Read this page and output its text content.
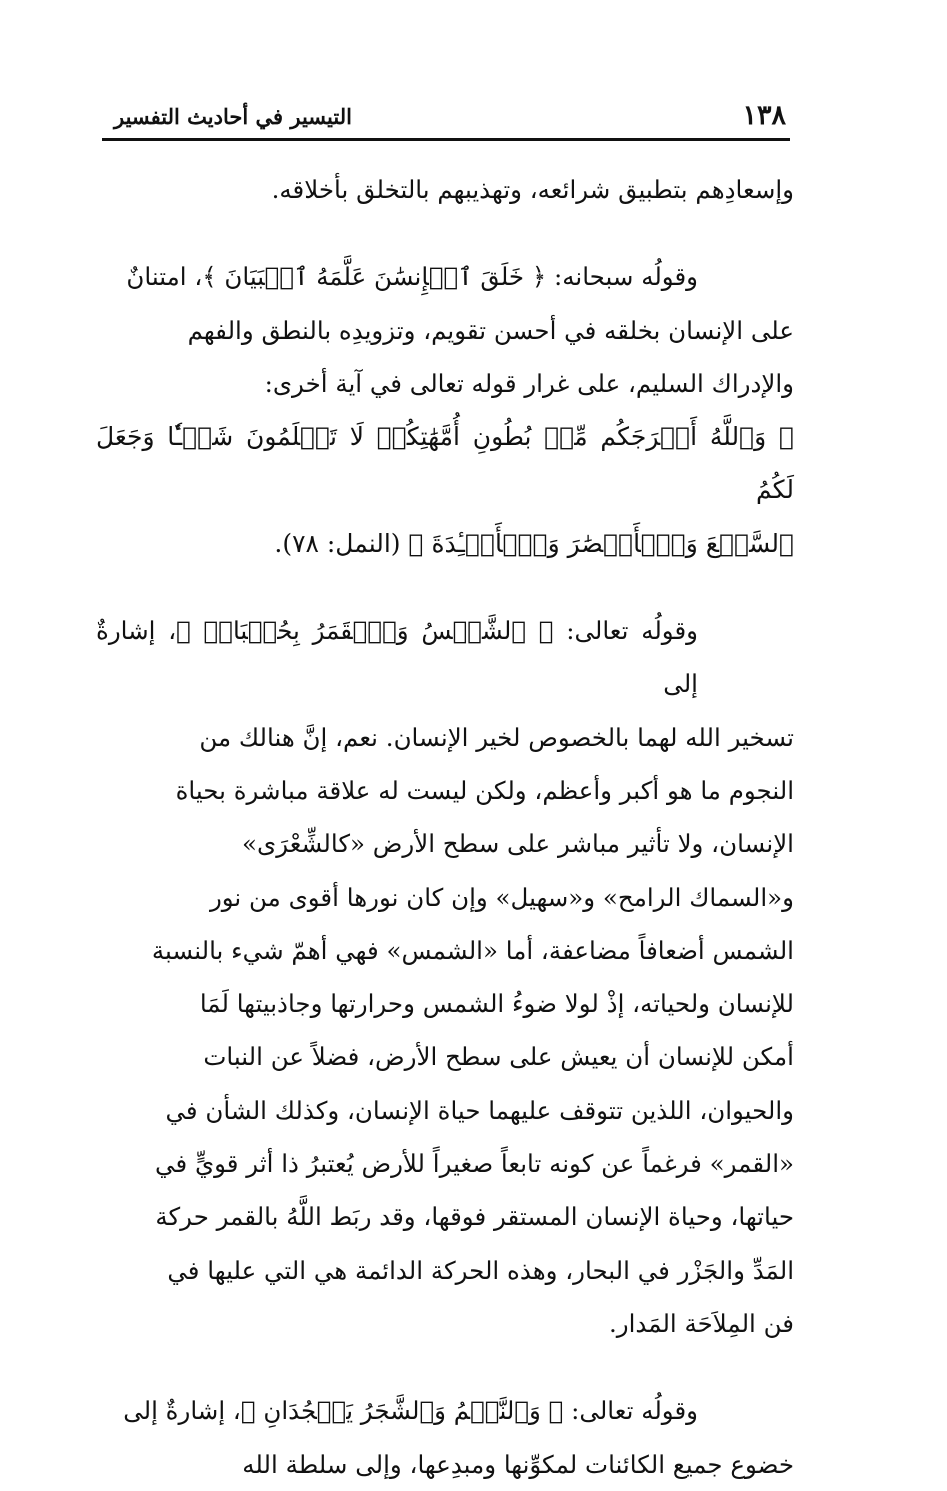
١٣٨
التيسير في أحاديث التفسير
وإسعادِهم بتطبيق شرائعه، وتهذيبهم بالتخلق بأخلاقه.
وقولُه سبحانه: ﴿ خَلَقَ ٱلۡإِنسَٰنَ عَلَّمَهُ ٱلۡبَيَانَ ﴾، امتنانٌ
على الإنسان بخلقه في أحسن تقويم، وتزويدِه بالنطق والفهم
والإدراك السليم، على غرار قوله تعالى في آية أخرى:
﴿ وَٱللَّهُ أَخۡرَجَكُم مِّنۢ بُطُونِ أُمَّهَٰتِكُمۡ لَا تَعۡلَمُونَ شَيۡـٔٗا وَجَعَلَ لَكُمُ
ٱلسَّمۡعَ وَٱلۡأَبۡصَٰرَ وَٱلۡأَفۡـِٔدَةَ ﴾ (النمل: ٧٨).
وقولُه تعالى: ﴿ ٱلشَّمۡسُ وَٱلۡقَمَرُ بِحُسۡبَانٖ ﴾، إشارةٌ إلى
تسخير الله لهما بالخصوص لخير الإنسان. نعم، إنَّ هنالك من
النجوم ما هو أكبر وأعظم، ولكن ليست له علاقة مباشرة بحياة
الإنسان، ولا تأثير مباشر على سطح الأرض «كالشِّعْرَى»
و«السماك الرامح» و«سهيل» وإن كان نورها أقوى من نور
الشمس أضعافاً مضاعفة، أما «الشمس» فهي أهمّ شيء بالنسبة
للإنسان ولحياته، إذْ لولا ضوءُ الشمس وحرارتها وجاذبيتها لَمَا
أمكن للإنسان أن يعيش على سطح الأرض، فضلاً عن النبات
والحيوان، اللذين تتوقف عليهما حياة الإنسان، وكذلك الشأن في
«القمر» فرغماً عن كونه تابعاً صغيراً للأرض يُعتبرُ ذا أثر قويٍّ في
حياتها، وحياة الإنسان المستقر فوقها، وقد ربَط اللَّهُ بالقمر حركة
المَدِّ والجَزْر في البحار، وهذه الحركة الدائمة هي التي عليها في
فن المِلاَحَة المَدار.
وقولُه تعالى: ﴿ وَٱلنَّجۡمُ وَٱلشَّجَرُ يَسۡجُدَانِ ﴾، إشارةٌ إلى
خضوع جميع الكائنات لمكوِّنها ومبدِعها، وإلى سلطة الله
